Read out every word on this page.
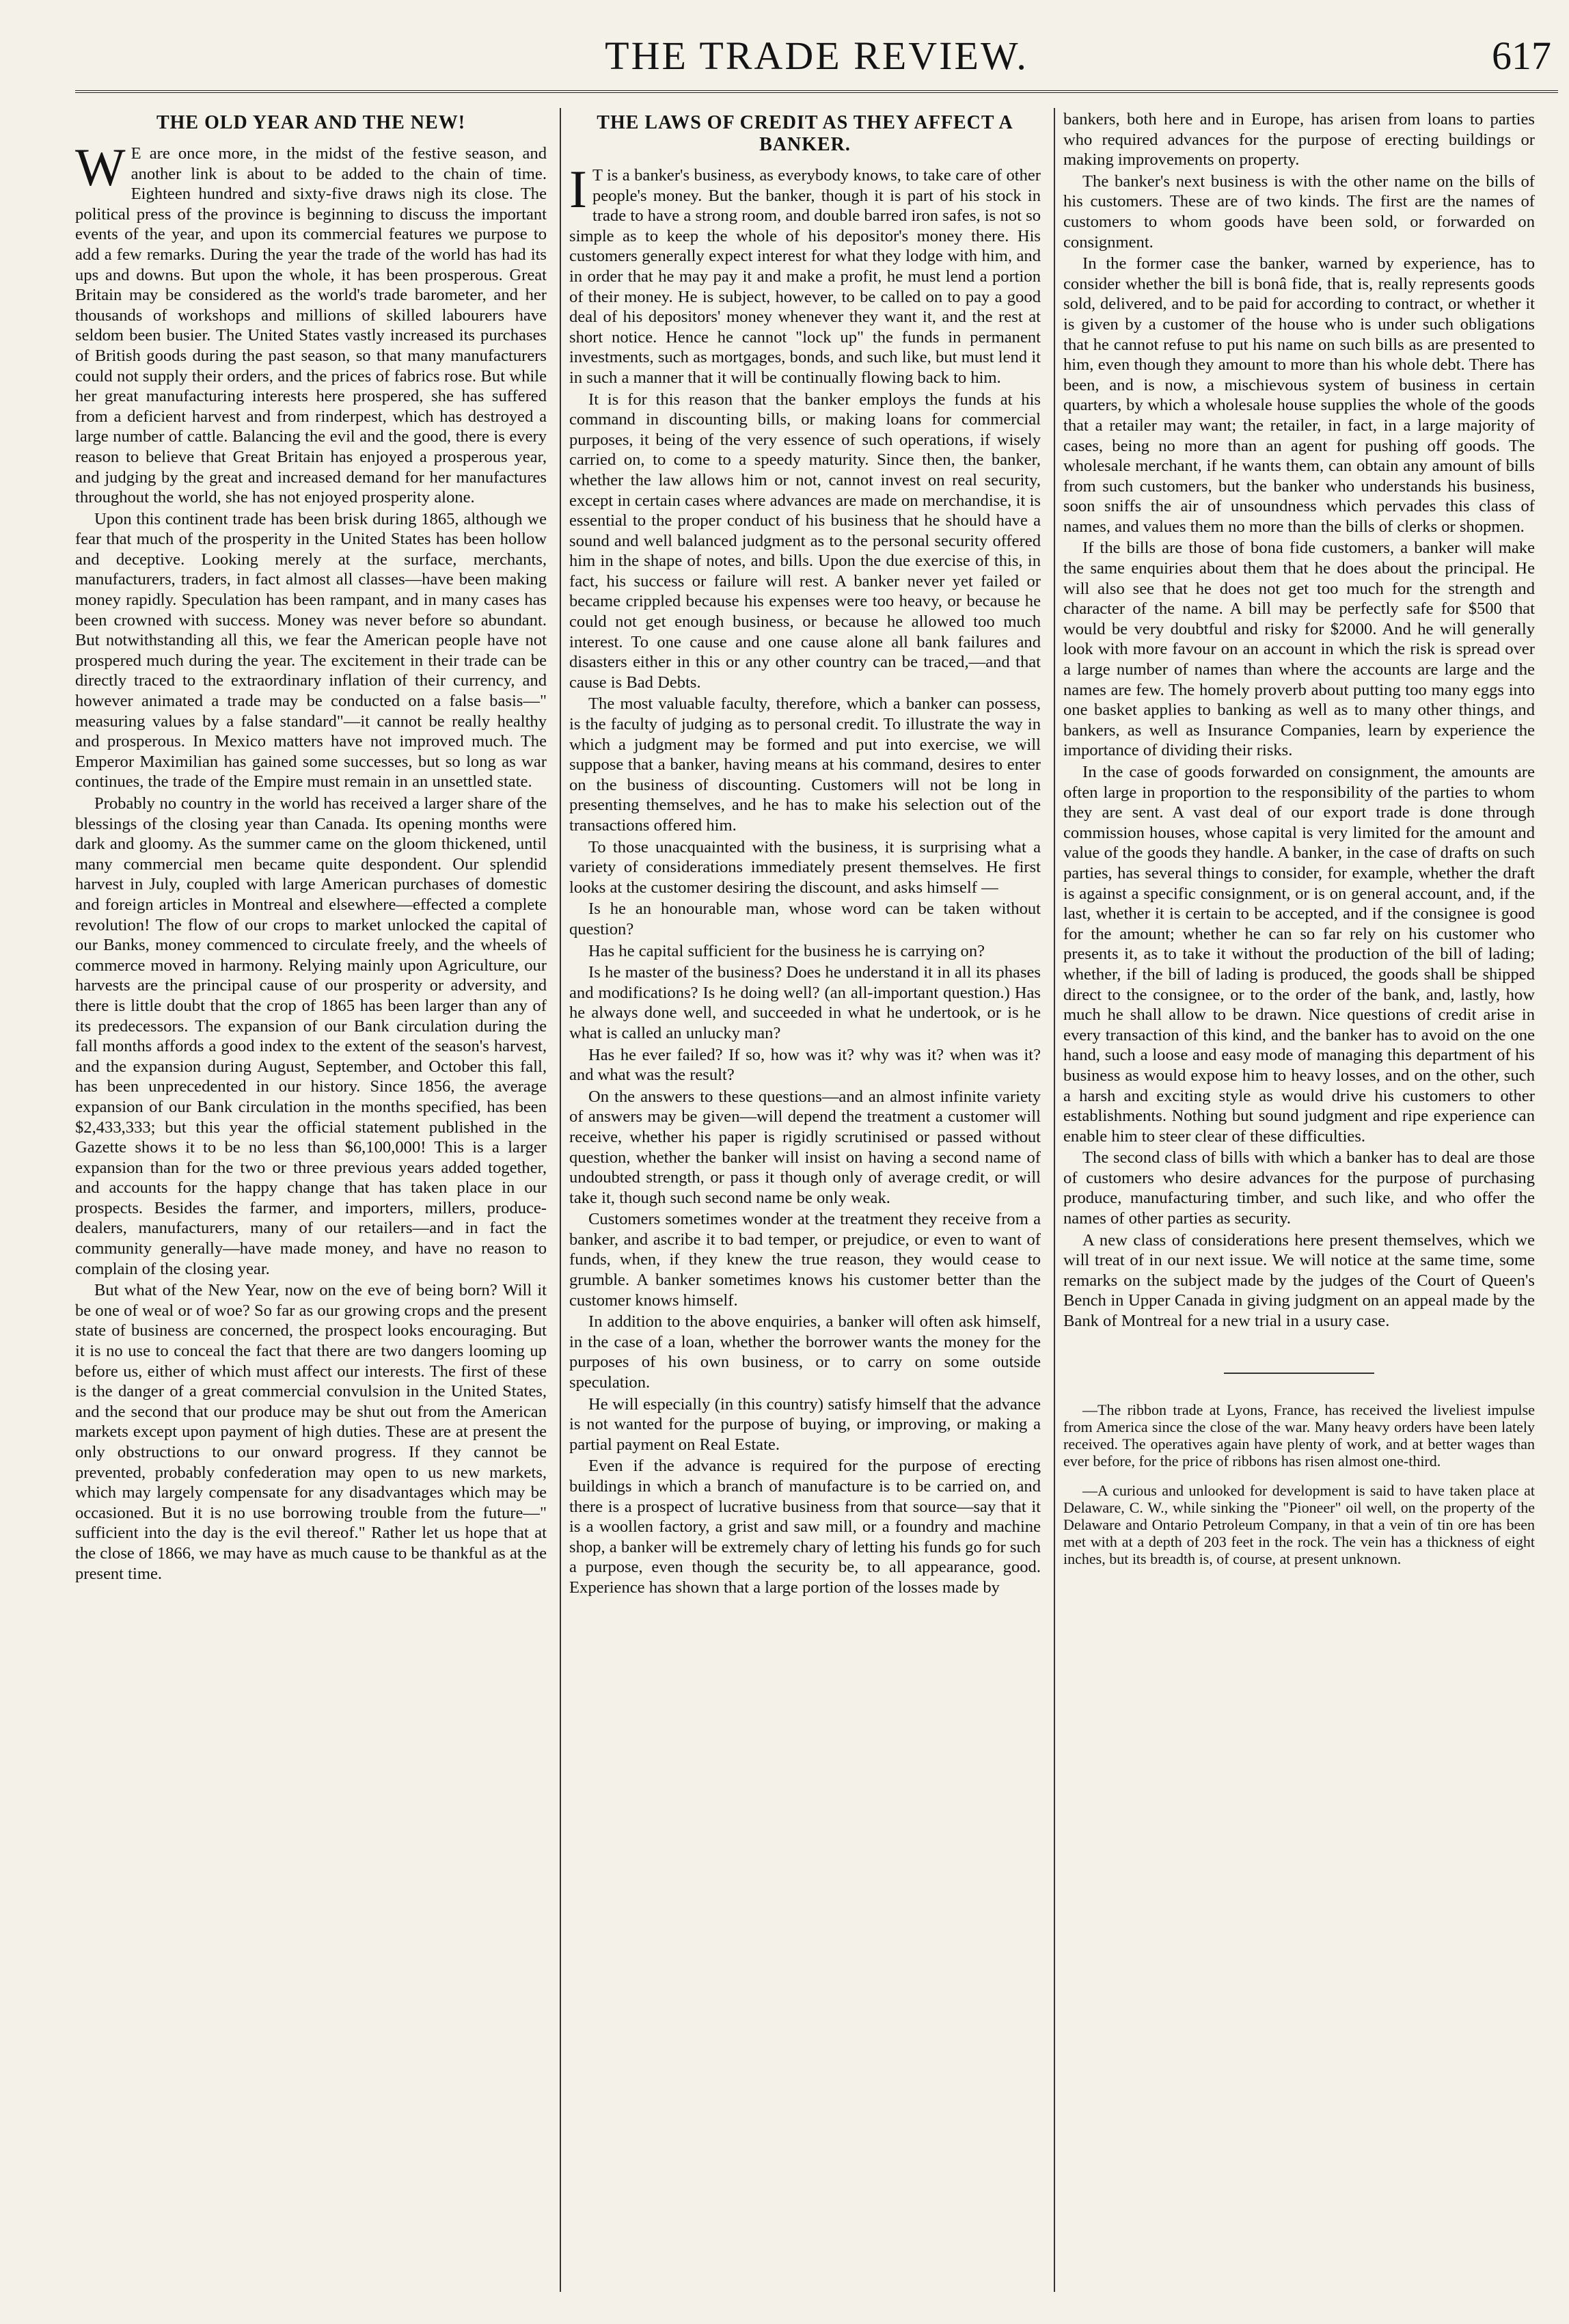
THE TRADE REVIEW.	617
THE OLD YEAR AND THE NEW!

W E are once more, in the midst of the festive season, and another link is about to be added to the chain of time. Eighteen hundred and sixty-five draws nigh its close. The political press of the province is beginning to discuss the important events of the year, and upon its commercial features we purpose to add a few remarks. During the year the trade of the world has had its ups and downs. But upon the whole, it has been prosperous. Great Britain may be considered as the world's trade barometer, and her thousands of workshops and millions of skilled labourers have seldom been busier. The United States vastly increased its purchases of British goods during the past season, so that many manufacturers could not supply their orders, and the prices of fabrics rose. But while her great manufacturing interests here prospered, she has suffered from a deficient harvest and from rinderpest, which has destroyed a large number of cattle. Balancing the evil and the good, there is every reason to believe that Great Britain has enjoyed a prosperous year, and judging by the great and increased demand for her manufactures throughout the world, she has not enjoyed prosperity alone.

Upon this continent trade has been brisk during 1865, although we fear that much of the prosperity in the United States has been hollow and deceptive. Looking merely at the surface, merchants, manufacturers, traders, in fact almost all classes—have been making money rapidly. Speculation has been rampant, and in many cases has been crowned with success. Money was never before so abundant. But notwithstanding all this, we fear the American people have not prospered much during the year. The excitement in their trade can be directly traced to the extraordinary inflation of their currency, and however animated a trade may be conducted on a false basis—" measuring values by a false standard"—it cannot be really healthy and prosperous. In Mexico matters have not improved much. The Emperor Maximilian has gained some successes, but so long as war continues, the trade of the Empire must remain in an unsettled state.

Probably no country in the world has received a larger share of the blessings of the closing year than Canada. Its opening months were dark and gloomy. As the summer came on the gloom thickened, until many commercial men became quite despondent. Our splendid harvest in July, coupled with large American purchases of domestic and foreign articles in Montreal and elsewhere—effected a complete revolution! The flow of our crops to market unlocked the capital of our Banks, money commenced to circulate freely, and the wheels of commerce moved in harmony. Relying mainly upon Agriculture, our harvests are the principal cause of our prosperity or adversity, and there is little doubt that the crop of 1865 has been larger than any of its predecessors. The expansion of our Bank circulation during the fall months affords a good index to the extent of the season's harvest, and the expansion during August, September, and October this fall, has been unprecedented in our history. Since 1856, the average expansion of our Bank circulation in the months specified, has been $2,433,333; but this year the official statement published in the Gazette shows it to be no less than $6,100,000! This is a larger expansion than for the two or three previous years added together, and accounts for the happy change that has taken place in our prospects. Besides the farmer, and importers, millers, produce-dealers, manufacturers, many of our retailers—and in fact the community generally—have made money, and have no reason to complain of the closing year.

But what of the New Year, now on the eve of being born? Will it be one of weal or of woe? So far as our growing crops and the present state of business are concerned, the prospect looks encouraging. But it is no use to conceal the fact that there are two dangers looming up before us, either of which must affect our interests. The first of these is the danger of a great commercial convulsion in the United States, and the second that our produce may be shut out from the American markets except upon payment of high duties. These are at present the only obstructions to our onward progress. If they cannot be prevented, probably confederation may open to us new markets, which may largely compensate for any disadvantages which may be occasioned. But it is no use borrowing trouble from the future—" sufficient into the day is the evil thereof." Rather let us hope that at the close of 1866, we may have as much cause to be thankful as at the present time.

THE LAWS OF CREDIT AS THEY AFFECT A BANKER.

I T is a banker's business, as everybody knows, to take care of other people's money. But the banker, though it is part of his stock in trade to have a strong room, and double barred iron safes, is not so simple as to keep the whole of his depositor's money there. His customers generally expect interest for what they lodge with him, and in order that he may pay it and make a profit, he must lend a portion of their money. He is subject, however, to be called on to pay a good deal of his depositors' money whenever they want it, and the rest at short notice. Hence he cannot "lock up" the funds in permanent investments, such as mortgages, bonds, and such like, but must lend it in such a manner that it will be continually flowing back to him.

It is for this reason that the banker employs the funds at his command in discounting bills, or making loans for commercial purposes, it being of the very essence of such operations, if wisely carried on, to come to a speedy maturity. Since then, the banker, whether the law allows him or not, cannot invest on real security, except in certain cases where advances are made on merchandise, it is essential to the proper conduct of his business that he should have a sound and well balanced judgment as to the personal security offered him in the shape of notes, and bills. Upon the due exercise of this, in fact, his success or failure will rest. A banker never yet failed or became crippled because his expenses were too heavy, or because he could not get enough business, or because he allowed too much interest. To one cause and one cause alone all bank failures and disasters either in this or any other country can be traced,—and that cause is Bad Debts.

The most valuable faculty, therefore, which a banker can possess, is the faculty of judging as to personal credit. To illustrate the way in which a judgment may be formed and put into exercise, we will suppose that a banker, having means at his command, desires to enter on the business of discounting. Customers will not be long in presenting themselves, and he has to make his selection out of the transactions offered him.

To those unacquainted with the business, it is surprising what a variety of considerations immediately present themselves. He first looks at the customer desiring the discount, and asks himself —

Is he an honourable man, whose word can be taken without question?

Has he capital sufficient for the business he is carrying on?

Is he master of the business? Does he understand it in all its phases and modifications? Is he doing well? (an all-important question.) Has he always done well, and succeeded in what he undertook, or is he what is called an unlucky man?

Has he ever failed? If so, how was it? why was it? when was it? and what was the result?

On the answers to these questions—and an almost infinite variety of answers may be given—will depend the treatment a customer will receive, whether his paper is rigidly scrutinised or passed without question, whether the banker will insist on having a second name of undoubted strength, or pass it though only of average credit, or will take it, though such second name be only weak.

Customers sometimes wonder at the treatment they receive from a banker, and ascribe it to bad temper, or prejudice, or even to want of funds, when, if they knew the true reason, they would cease to grumble. A banker sometimes knows his customer better than the customer knows himself.

In addition to the above enquiries, a banker will often ask himself, in the case of a loan, whether the borrower wants the money for the purposes of his own business, or to carry on some outside speculation.

He will especially (in this country) satisfy himself that the advance is not wanted for the purpose of buying, or improving, or making a partial payment on Real Estate.

Even if the advance is required for the purpose of erecting buildings in which a branch of manufacture is to be carried on, and there is a prospect of lucrative business from that source—say that it is a woollen factory, a grist and saw mill, or a foundry and machine shop, a banker will be extremely chary of letting his funds go for such a purpose, even though the security be, to all appearance, good. Experience has shown that a large portion of the losses made by

bankers, both here and in Europe, has arisen from loans to parties who required advances for the purpose of erecting buildings or making improvements on property.

The banker's next business is with the other name on the bills of his customers. These are of two kinds. The first are the names of customers to whom goods have been sold, or forwarded on consignment.

In the former case the banker, warned by experience, has to consider whether the bill is bonâ fide, that is, really represents goods sold, delivered, and to be paid for according to contract, or whether it is given by a customer of the house who is under such obligations that he cannot refuse to put his name on such bills as are presented to him, even though they amount to more than his whole debt. There has been, and is now, a mischievous system of business in certain quarters, by which a wholesale house supplies the whole of the goods that a retailer may want; the retailer, in fact, in a large majority of cases, being no more than an agent for pushing off goods. The wholesale merchant, if he wants them, can obtain any amount of bills from such customers, but the banker who understands his business, soon sniffs the air of unsoundness which pervades this class of names, and values them no more than the bills of clerks or shopmen.

If the bills are those of bona fide customers, a banker will make the same enquiries about them that he does about the principal. He will also see that he does not get too much for the strength and character of the name. A bill may be perfectly safe for $500 that would be very doubtful and risky for $2000. And he will generally look with more favour on an account in which the risk is spread over a large number of names than where the accounts are large and the names are few. The homely proverb about putting too many eggs into one basket applies to banking as well as to many other things, and bankers, as well as Insurance Companies, learn by experience the importance of dividing their risks.

In the case of goods forwarded on consignment, the amounts are often large in proportion to the responsibility of the parties to whom they are sent. A vast deal of our export trade is done through commission houses, whose capital is very limited for the amount and value of the goods they handle. A banker, in the case of drafts on such parties, has several things to consider, for example, whether the draft is against a specific consignment, or is on general account, and, if the last, whether it is certain to be accepted, and if the consignee is good for the amount; whether he can so far rely on his customer who presents it, as to take it without the production of the bill of lading; whether, if the bill of lading is produced, the goods shall be shipped direct to the consignee, or to the order of the bank, and, lastly, how much he shall allow to be drawn. Nice questions of credit arise in every transaction of this kind, and the banker has to avoid on the one hand, such a loose and easy mode of managing this department of his business as would expose him to heavy losses, and on the other, such a harsh and exciting style as would drive his customers to other establishments. Nothing but sound judgment and ripe experience can enable him to steer clear of these difficulties.

The second class of bills with which a banker has to deal are those of customers who desire advances for the purpose of purchasing produce, manufacturing timber, and such like, and who offer the names of other parties as security.

A new class of considerations here present themselves, which we will treat of in our next issue. We will notice at the same time, some remarks on the subject made by the judges of the Court of Queen's Bench in Upper Canada in giving judgment on an appeal made by the Bank of Montreal for a new trial in a usury case.

—The ribbon trade at Lyons, France, has received the liveliest impulse from America since the close of the war. Many heavy orders have been lately received. The operatives again have plenty of work, and at better wages than ever before, for the price of ribbons has risen almost one-third.

—A curious and unlooked for development is said to have taken place at Delaware, C. W., while sinking the "Pioneer" oil well, on the property of the Delaware and Ontario Petroleum Company, in that a vein of tin ore has been met with at a depth of 203 feet in the rock. The vein has a thickness of eight inches, but its breadth is, of course, at present unknown.
